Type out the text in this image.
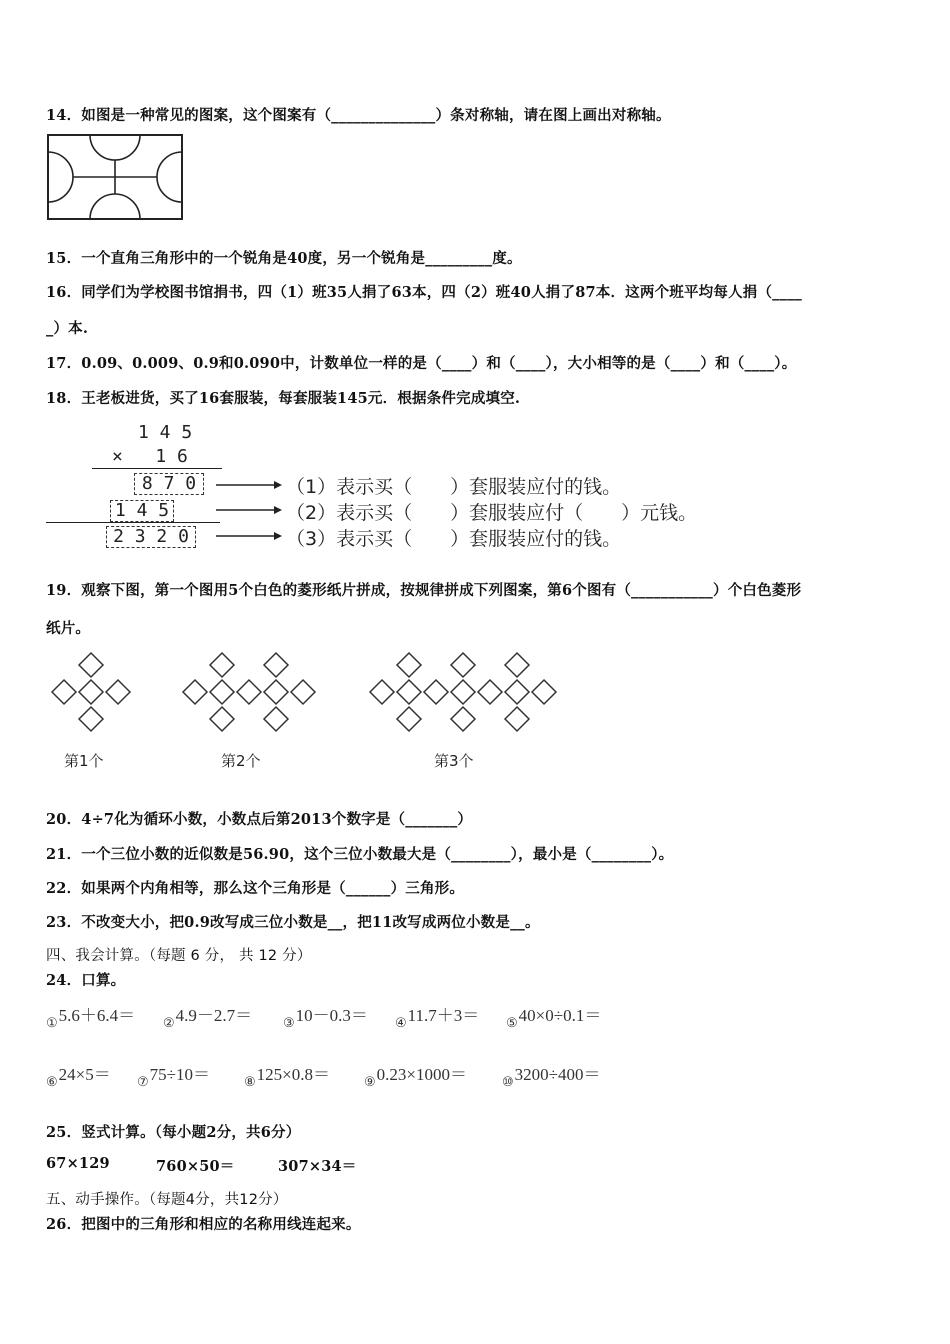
14．如图是一种常见的图案，这个图案有（______________）条对称轴，请在图上画出对称轴。
15．一个直角三角形中的一个锐角是40度，另一个锐角是_________度。
16．同学们为学校图书馆捐书，四（1）班35人捐了63本，四（2）班40人捐了87本．这两个班平均每人捐（____
_）本.
17．0.09、0.009、0.9和0.090中，计数单位一样的是（____）和（____），大小相等的是（____）和（____）。
18．王老板进货，买了16套服装，每套服装145元．根据条件完成填空.
1 4 5
×   1 6
8 7 0
1 4 5
2 3 2 0
（1）表示买（　　）套服装应付的钱。
（2）表示买（　　）套服装应付（　　）元钱。
（3）表示买（　　）套服装应付的钱。
19．观察下图，第一个图用5个白色的菱形纸片拼成，按规律拼成下列图案，第6个图有（___________）个白色菱形
纸片。
第1个	第2个	第3个
20．4÷7化为循环小数，小数点后第2013个数字是（_______）
21．一个三位小数的近似数是56.90，这个三位小数最大是（________），最小是（________）。
22．如果两个内角相等，那么这个三角形是（______）三角形。
23．不改变大小，把0.9改写成三位小数是__，把11改写成两位小数是__。
四、我会计算。（每题 6 分， 共 12 分）
24．口算。
$_①$5.6＋6.4＝ $_②$4.9－2.7＝ $_③$10－0.3＝ $_④$11.7＋3＝ $_⑤$40×0÷0.1＝
$_⑥$24×5＝ $_⑦$75÷10＝	$_⑧$125×0.8＝	$_⑨$0.23×1000＝	$_⑩$3200÷400＝
25．竖式计算。（每小题2分，共6分）
67×129	760×50＝	307×34＝
五、动手操作。（每题4分，共12分）
26．把图中的三角形和相应的名称用线连起来。
